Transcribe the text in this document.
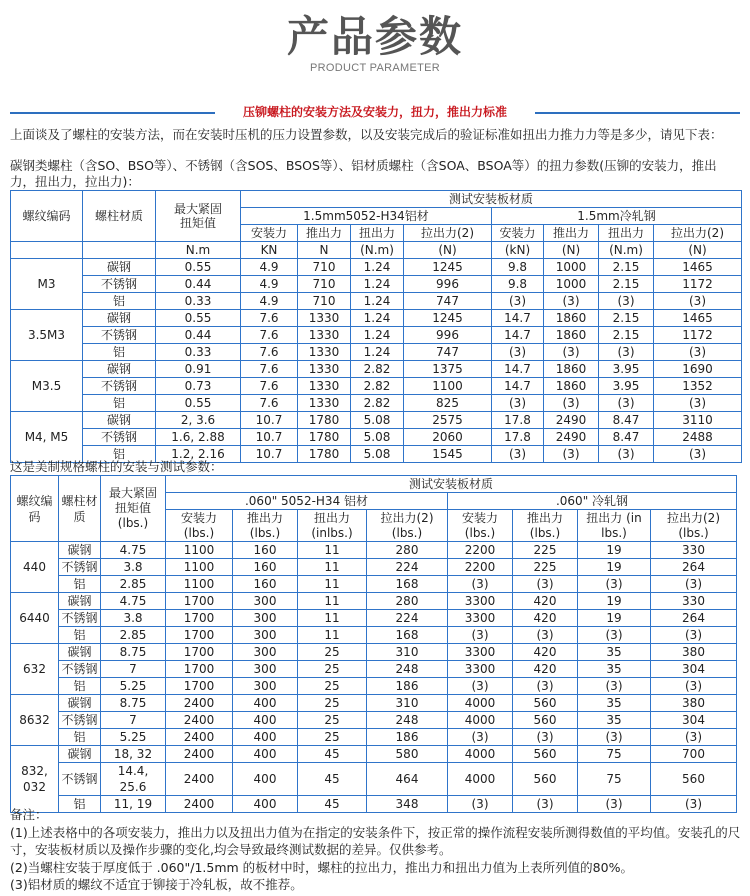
产品参数
PRODUCT PARAMETER
压铆螺柱的安装方法及安装力，扭力，推出力标准
上面谈及了螺柱的安装方法，而在安装时压机的压力设置参数，以及安装完成后的验证标准如扭出力推力力等是多少，请见下表：
碳钢类螺柱（含SO、BSO等）、不锈钢（含SOS、BSOS等）、铝材质螺柱（含SOA、BSOA等）的扭力参数(压铆的安装力，推出力，扭出力，拉出力)：
螺纹编码	螺柱材质	最大紧固扭矩值	测试安装板材质							
			1.5mm5052-H34铝材				1.5mm冷轧钢			
			安装力	推出力	扭出力	拉出力(2)	安装力	推出力	扭出力	拉出力(2)
		N.m	KN	N	(N.m)	(N)	(kN)	(N)	(N.m)	(N)
M3	碳钢	0.55	4.9	710	1.24	1245	9.8	1000	2.15	1465
	不锈钢	0.44	4.9	710	1.24	996	9.8	1000	2.15	1172
	铝	0.33	4.9	710	1.24	747	(3)	(3)	(3)	(3)
3.5M3	碳钢	0.55	7.6	1330	1.24	1245	14.7	1860	2.15	1465
	不锈钢	0.44	7.6	1330	1.24	996	14.7	1860	2.15	1172
	铝	0.33	7.6	1330	1.24	747	(3)	(3)	(3)	(3)
M3.5	碳钢	0.91	7.6	1330	2.82	1375	14.7	1860	3.95	1690
	不锈钢	0.73	7.6	1330	2.82	1100	14.7	1860	3.95	1352
	铝	0.55	7.6	1330	2.82	825	(3)	(3)	(3)	(3)
M4, M5	碳钢	2, 3.6	10.7	1780	5.08	2575	17.8	2490	8.47	3110
	不锈钢	1.6, 2.88	10.7	1780	5.08	2060	17.8	2490	8.47	2488
	铝	1.2, 2.16	10.7	1780	5.08	1545	(3)	(3)	(3)	(3)
这是美制规格螺柱的安装与测试参数：
螺纹编码	螺柱材质	最大紧固扭矩值(lbs.)	测试安装板材质							
			.060" 5052-H34 铝材				.060" 冷轧钢			
			安装力(lbs.)	推出力(lbs.)	扭出力(inlbs.)	拉出力(2)(lbs.)	安装力(lbs.)	推出力(lbs.)	扭出力 (in lbs.)	拉出力(2)(lbs.)
440	碳钢	4.75	1100	160	11	280	2200	225	19	330
	不锈钢	3.8	1100	160	11	224	2200	225	19	264
	铝	2.85	1100	160	11	168	(3)	(3)	(3)	(3)
6440	碳钢	4.75	1700	300	11	280	3300	420	19	330
	不锈钢	3.8	1700	300	11	224	3300	420	19	264
	铝	2.85	1700	300	11	168	(3)	(3)	(3)	(3)
632	碳钢	8.75	1700	300	25	310	3300	420	35	380
	不锈钢	7	1700	300	25	248	3300	420	35	304
	铝	5.25	1700	300	25	186	(3)	(3)	(3)	(3)
8632	碳钢	8.75	2400	400	25	310	4000	560	35	380
	不锈钢	7	2400	400	25	248	4000	560	35	304
	铝	5.25	2400	400	25	186	(3)	(3)	(3)	(3)
832, 032	碳钢	18, 32	2400	400	45	580	4000	560	75	700
	不锈钢	14.4, 25.6	2400	400	45	464	4000	560	75	560
	铝	11, 19	2400	400	45	348	(3)	(3)	(3)	(3)
备注：
(1)上述表格中的各项安装力，推出力以及扭出力值为在指定的安装条件下，按正常的操作流程安装所测得数值的平均值。安装孔的尺寸，安装板材质以及操作步骤的变化,均会导致最终测试数据的差异。仅供参考。
(2)当螺柱安装于厚度低于 .060"/1.5mm 的板材中时，螺柱的拉出力，推出力和扭出力值为上表所列值的80%。
(3)铝材质的螺纹不适宜于铆接于冷轧板，故不推荐。
